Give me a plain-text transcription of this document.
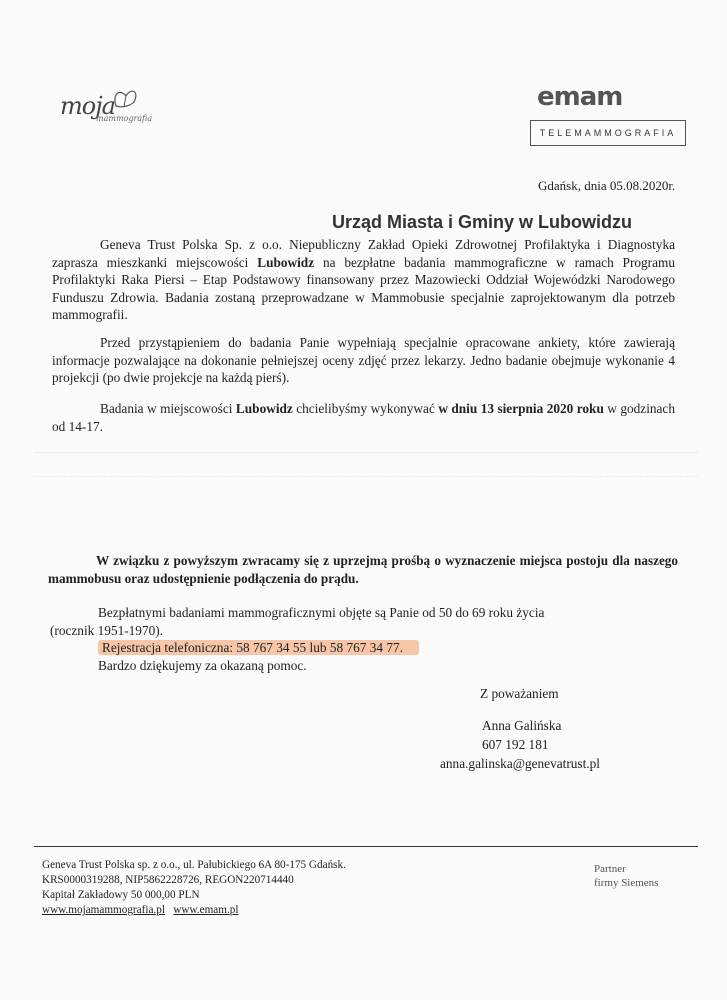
moja
mammografia
emam
TELEMAMMOGRAFIA
Gdańsk, dnia 05.08.2020r.
Urząd Miasta i Gminy w Lubowidzu

Geneva Trust Polska Sp. z o.o. Niepubliczny Zakład Opieki Zdrowotnej Profilaktyka i Diagnostyka zaprasza mieszkanki miejscowości Lubowidz na bezpłatne badania mammograficzne w ramach Programu Profilaktyki Raka Piersi – Etap Podstawowy finansowany przez Mazowiecki Oddział Wojewódzki Narodowego Funduszu Zdrowia. Badania zostaną przeprowadzane w Mammobusie specjalnie zaprojektowanym dla potrzeb mammografii.

Przed przystąpieniem do badania Panie wypełniają specjalnie opracowane ankiety, które zawierają informacje pozwalające na dokonanie pełniejszej oceny zdjęć przez lekarzy. Jedno badanie obejmuje wykonanie 4 projekcji (po dwie projekcje na każdą pierś).

Badania w miejscowości Lubowidz chcielibyśmy wykonywać w dniu 13 sierpnia 2020 roku w godzinach od 14-17.

W związku z powyższym zwracamy się z uprzejmą prośbą o wyznaczenie miejsca postoju dla naszego mammobusu oraz udostępnienie podłączenia do prądu.

Bezpłatnymi badaniami mammograficznymi objęte są Panie od 50 do 69 roku życia

(rocznik 1951-1970).

Rejestracja telefoniczna: 58 767 34 55 lub 58 767 34 77.

Bardzo dziękujemy za okazaną pomoc.

Z poważaniem
Anna Galińska
607 192 181
anna.galinska@genevatrust.pl
Geneva Trust Polska sp. z o.o., ul. Pałubickiego 6A 80-175 Gdańsk.
KRS0000319288, NIP5862228726, REGON220714440
Kapitał Zakładowy 50 000,00 PLN
www.mojamammografia.pl www.emam.pl
Partner
firmy Siemens
